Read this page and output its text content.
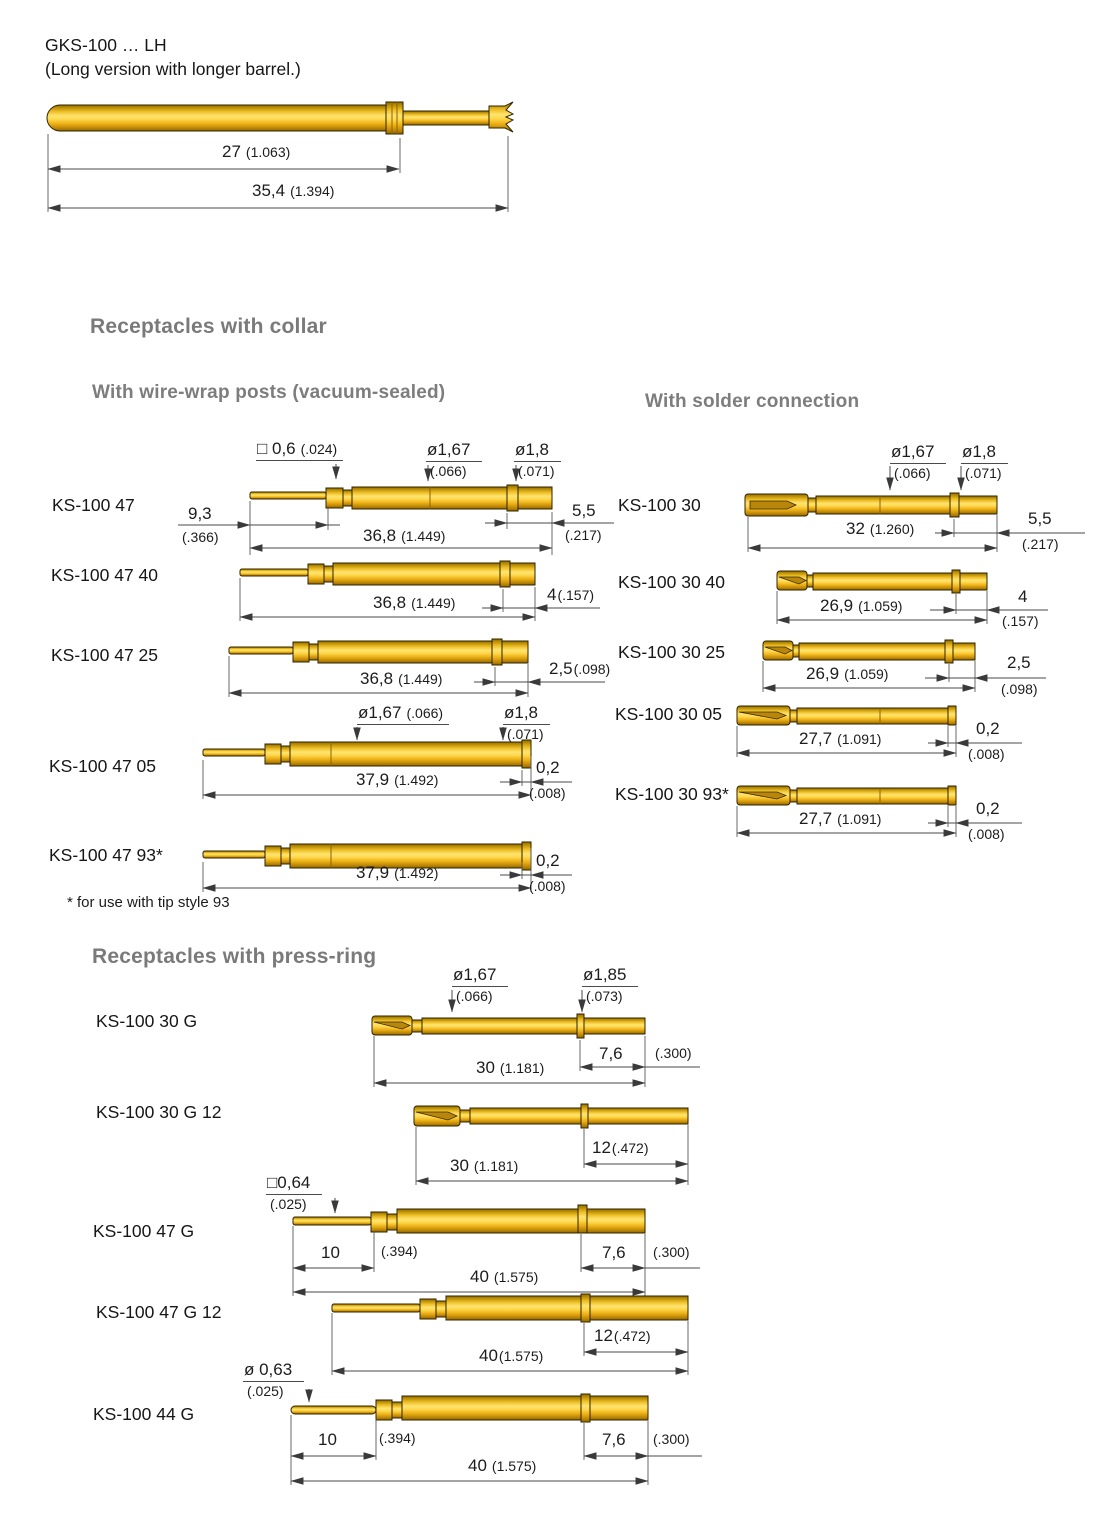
GKS-100 … LH
(Long version with longer barrel.)
27 (1.063)
35,4 (1.394)
Receptacles with collar
With wire-wrap posts (vacuum-sealed)	With solder connection
* for use with tip style 93
Receptacles with press-ring
KS-100 47
KS-100 47 40
KS-100 47 25
KS-100 47 05
KS-100 47 93*
KS-100 30
KS-100 30 40
KS-100 30 25
KS-100 30 05
KS-100 30 93*
KS-100 30 G
KS-100 30 G 12
KS-100 47 G
KS-100 47 G 12
KS-100 44 G
□ 0,6 (.024)	ø1,67
(.066)
ø1,8
(.071)
9,3
(.366)	36,8 (1.449)
5,5
(.217)
36,8 (1.449)	4 (.157)
36,8 (1.449)
2,5 (.098)
ø1,67 (.066)	ø1,8
(.071)
37,9 (1.492)
0,2
(.008)
37,9 (1.492)
0,2
(.008)
ø1,67
(.066)
ø1,8
(.071)
32 (1.260)
5,5
(.217)
26,9 (1.059)	4
(.157)
26,9 (1.059)
2,5
(.098)
27,7 (1.091)
0,2
(.008)
27,7 (1.091)
0,2
(.008)
ø1,67
(.066)
ø1,85
(.073)
30 (1.181)
7,6 (.300)
30 (1.181)
12 (.472)
□0,64
(.025)
10	(.394)	7,6 (.300)
40 (1.575)
12 (.472)
40 (1.575)
ø 0,63
(.025)
10	(.394)	7,6 (.300)
40 (1.575)
